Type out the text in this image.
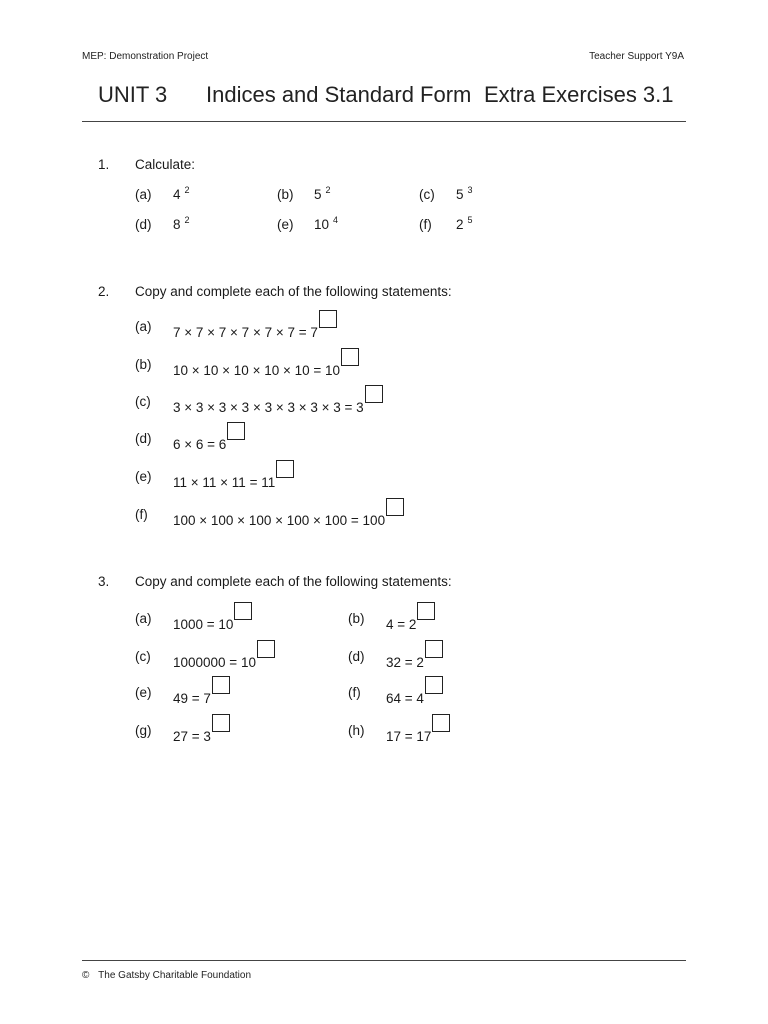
MEP: Demonstration Project	Teacher Support Y9A
UNIT 3 Indices and Standard Form Extra Exercises 3.1
1. Calculate:
(a) 4 $^2$	(b) 5 $^2$	(c) 5 $^3$
(d) 8 $^2$	(e) 10 $^4$	(f) 2 $^5$
2. Copy and complete each of the following statements:
(a) 7 × 7 × 7 × 7 × 7 × 7 = 7
(b) 10 × 10 × 10 × 10 × 10 = 10
(c) 3 × 3 × 3 × 3 × 3 × 3 × 3 × 3 = 3
(d) 6 × 6 = 6
(e) 11 × 11 × 11 = 11
(f) 100 × 100 × 100 × 100 × 100 = 100
3. Copy and complete each of the following statements:
(a) 1000 = 10	(b) 4 = 2
(c) 1000000 = 10	(d) 32 = 2
(e) 49 = 7	(f) 64 = 4
(g) 27 = 3	(h) 17 = 17
© The Gatsby Charitable Foundation
